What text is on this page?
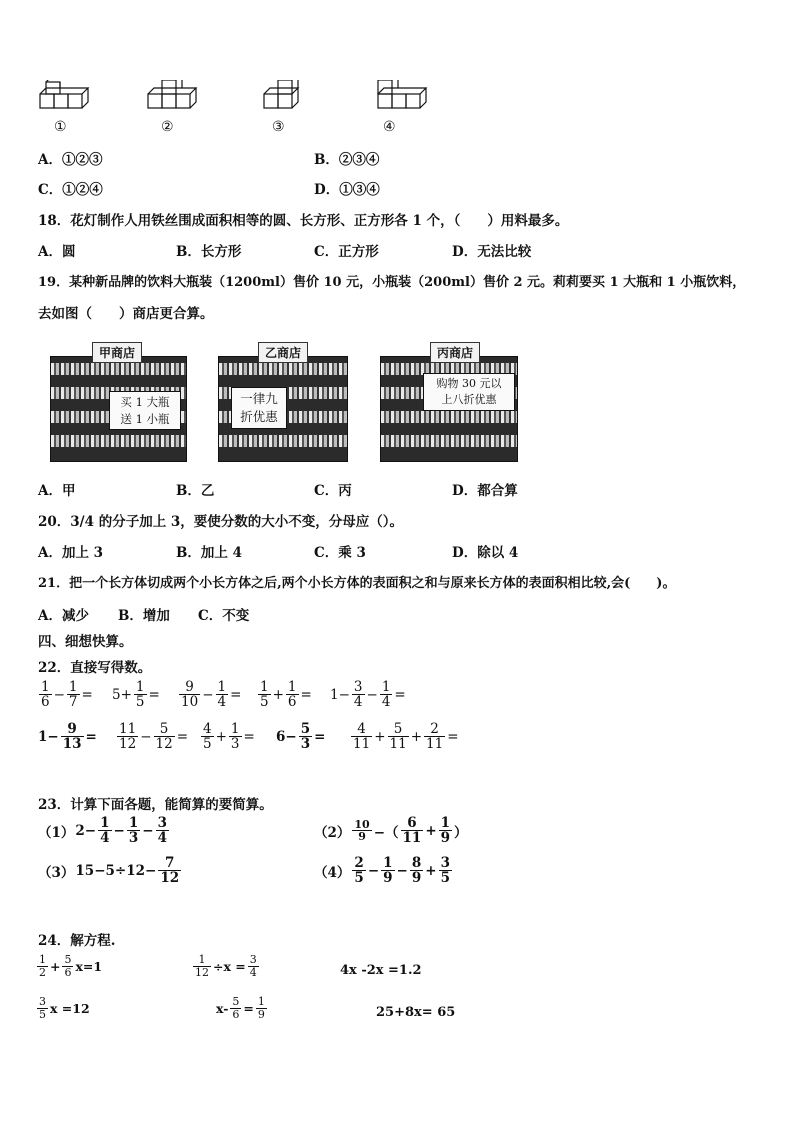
①	②	③	④
A．①②③	B．②③④
C．①②④	D．①③④
18．花灯制作人用铁丝围成面积相等的圆、长方形、正方形各 1 个，（　　）用料最多。
A．圆	B．长方形	C．正方形	D．无法比较
19．某种新品牌的饮料大瓶装（1200ml）售价 10 元，小瓶装（200ml）售价 2 元。莉莉要买 1 大瓶和 1 小瓶饮料，
去如图（　　）商店更合算。
买 1 大瓶
送 1 小瓶
甲商店
一律九
折优惠
乙商店
购物 30 元以
上八折优惠
丙商店
A．甲	B．乙	C．丙	D．都合算
20．3/4 的分子加上 3，要使分数的大小不变，分母应（）。
A．加上 3	B．加上 4	C．乘 3	D．除以 4
21．把一个长方体切成两个小长方体之后,两个小长方体的表面积之和与原来长方体的表面积相比较,会(　　)。
A．减少 B．增加 C．不变
四、细想快算。
22．直接写得数。
$\frac{1}{6} - \frac{1}{7} = 5+ \frac{1}{5} = \frac{9}{10} - \frac{1}{4} = \frac{1}{5} + \frac{1}{6} = 1- \frac{3}{4} - \frac{1}{4}$ =
$1- \frac{9}{13} = \frac{11}{12} - \frac{5}{12} = \frac{4}{5} + \frac{1}{3} = 6- \frac{5}{3} = \frac{4}{11} + \frac{5}{11} + \frac{2}{11}$ =
23．计算下面各题，能简算的要简算。
（1） $2- \frac{1}{4} - \frac{1}{3} - \frac{3}{4}$	$(2) \frac{10}{9}$ −（ $\frac{6}{11} + \frac{1}{9}$ ）
（3） $15-5\div 12- \frac{7}{12}$	$(4) \frac{2}{5} - \frac{1}{9} - \frac{8}{9} + \frac{3}{5}$
24．解方程.
$\frac{1}{2} + \frac{5}{6} x=1$	$\frac{1}{12} \div x = \frac{3}{4}$	4x -2x =1.2
$\frac{3}{5}$ x =12	$x- \frac{5}{6} = \frac{1}{9}$	25+8x= 65
